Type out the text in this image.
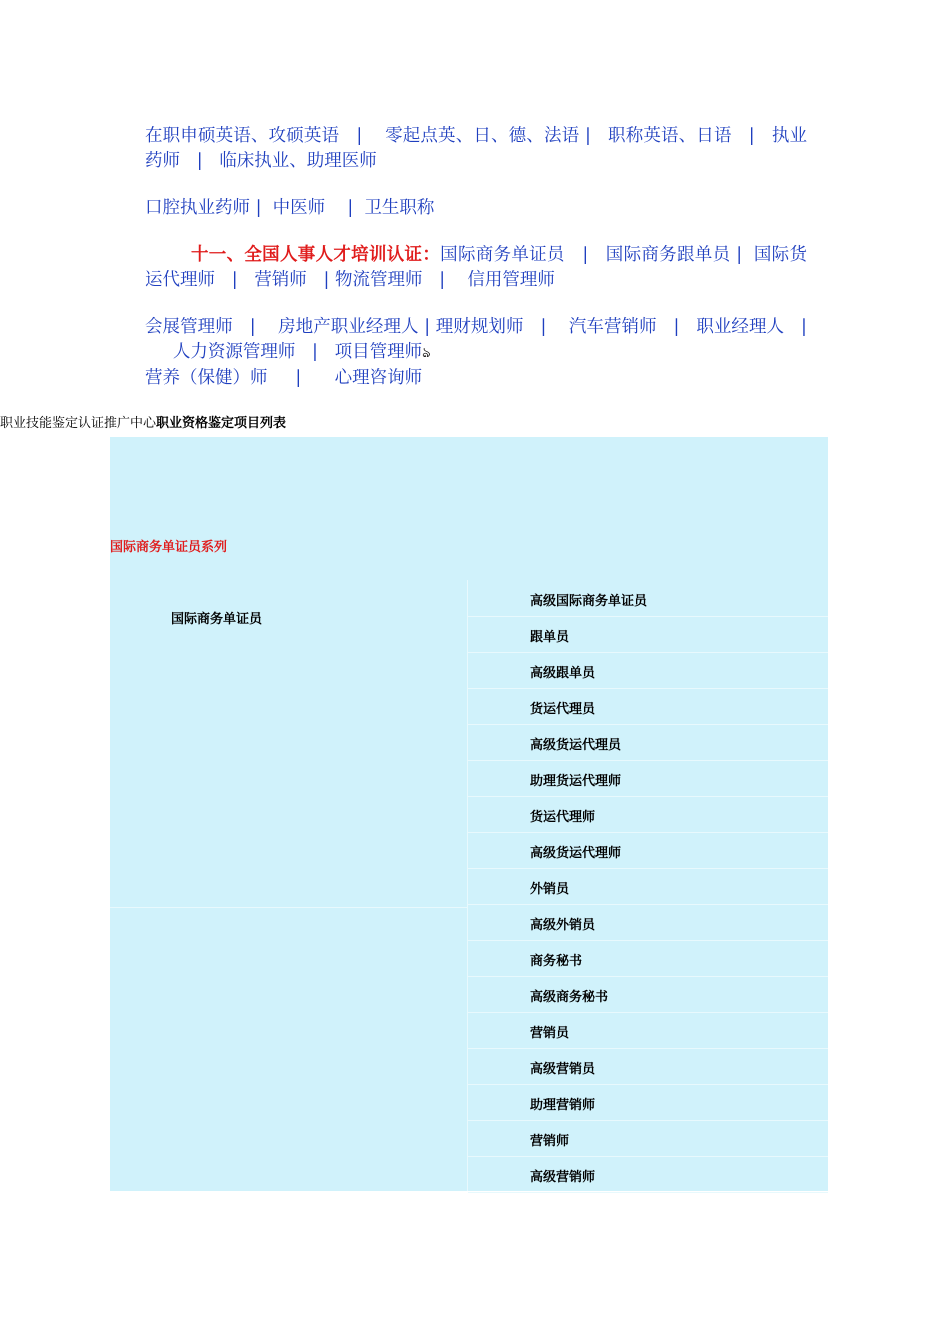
在职申硕英语、攻硕英语 | 零起点英、日、德、法语 | 职称英语、日语 | 执业药师 | 临床执业、助理医师
口腔执业药师 | 中医师 | 卫生职称
十一、全国人事人才培训认证：国际商务单证员 | 国际商务跟单员 | 国际货运代理师 | 营销师 | 物流管理师 | 信用管理师
会展管理师 | 房地产职业经理人 | 理财规划师 | 汽车营销师 | 职业经理人 |     人力资源管理师 | 项目管理师ঌ
营养（保健）师 | 心理咨询师
职业技能鉴定认证推广中心职业资格鉴定项目列表
国际商务单证员系列
国际商务单证员
高级国际商务单证员
跟单员
高级跟单员
货运代理员
高级货运代理员
助理货运代理师
货运代理师
高级货运代理师
外销员
高级外销员
商务秘书
高级商务秘书
营销员
高级营销员
助理营销师
营销师
高级营销师
